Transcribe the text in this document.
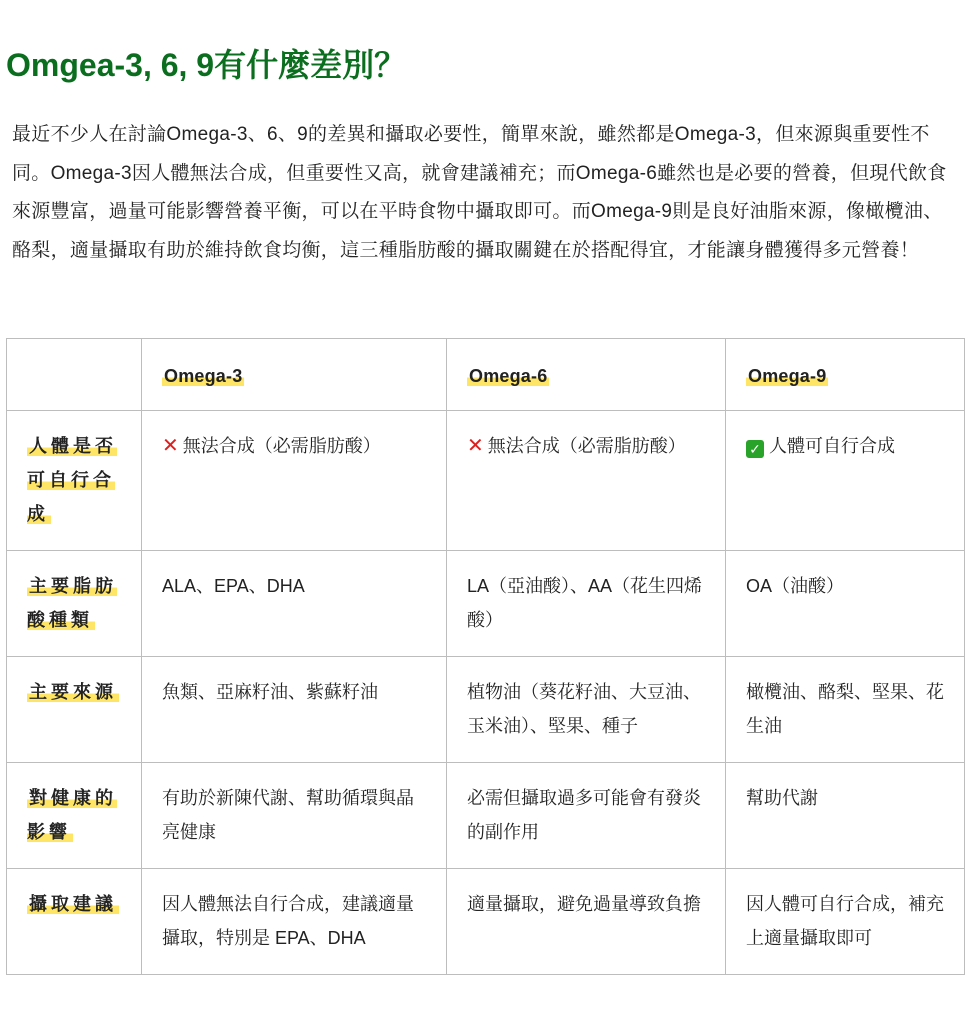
Omgea-3, 6, 9有什麼差別？

最近不少人在討論Omega-3、6、9的差異和攝取必要性，簡單來說，雖然都是Omega-3，但來源與重要性不同。Omega-3因人體無法合成，但重要性又高，就會建議補充；而Omega-6雖然也是必要的營養，但現代飲食來源豐富，過量可能影響營養平衡，可以在平時食物中攝取即可。而Omega-9則是良好油脂來源，像橄欖油、酪梨，適量攝取有助於維持飲食均衡，這三種脂肪酸的攝取關鍵在於搭配得宜，才能讓身體獲得多元營養！

	Omega-3	Omega-6	Omega-9
人體是否可自行合成	✕ 無法合成（必需脂肪酸）	✕ 無法合成（必需脂肪酸）	✓ 人體可自行合成
主要脂肪酸種類	ALA、EPA、DHA	LA（亞油酸）、AA（花生四烯酸）	OA（油酸）
主要來源	魚類、亞麻籽油、紫蘇籽油	植物油（葵花籽油、大豆油、玉米油）、堅果、種子	橄欖油、酪梨、堅果、花生油
對健康的影響	有助於新陳代謝、幫助循環與晶亮健康	必需但攝取過多可能會有發炎的副作用	幫助代謝
攝取建議	因人體無法自行合成，建議適量攝取，特別是 EPA、DHA	適量攝取，避免過量導致負擔	因人體可自行合成，補充上適量攝取即可
